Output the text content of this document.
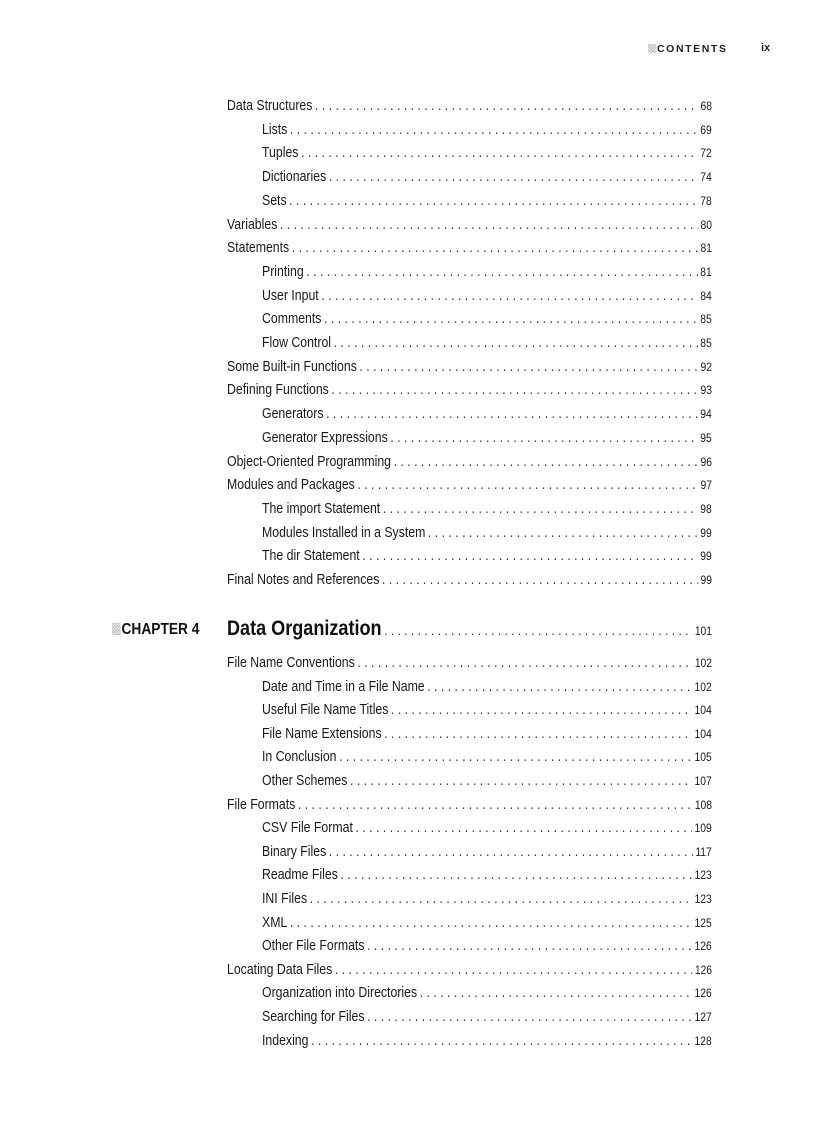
CONTENTS	ix
Data Structures . . .	68
Lists . . .	69
Tuples . . .	72
Dictionaries . . .	74
Sets . . .	78
Variables . . .	80
Statements . . .	81
Printing . . .	81
User Input . . .	84
Comments . . .	85
Flow Control . . .	85
Some Built-in Functions . . .	92
Defining Functions . . .	93
Generators . . .	94
Generator Expressions . . .	95
Object-Oriented Programming . . .	96
Modules and Packages . . .	97
The import Statement . . .	98
Modules Installed in a System . . .	99
The dir Statement . . .	99
Final Notes and References . . .	99
CHAPTER 4 Data Organization . . .	101
File Name Conventions . . .	102
Date and Time in a File Name . . .	102
Useful File Name Titles . . .	104
File Name Extensions . . .	104
In Conclusion . . .	105
Other Schemes . . .	107
File Formats . . .	108
CSV File Format . . .	109
Binary Files . . .	117
Readme Files . . .	123
INI Files . . .	123
XML . . .	125
Other File Formats . . .	126
Locating Data Files . . .	126
Organization into Directories . . .	126
Searching for Files . . .	127
Indexing . . .	128
